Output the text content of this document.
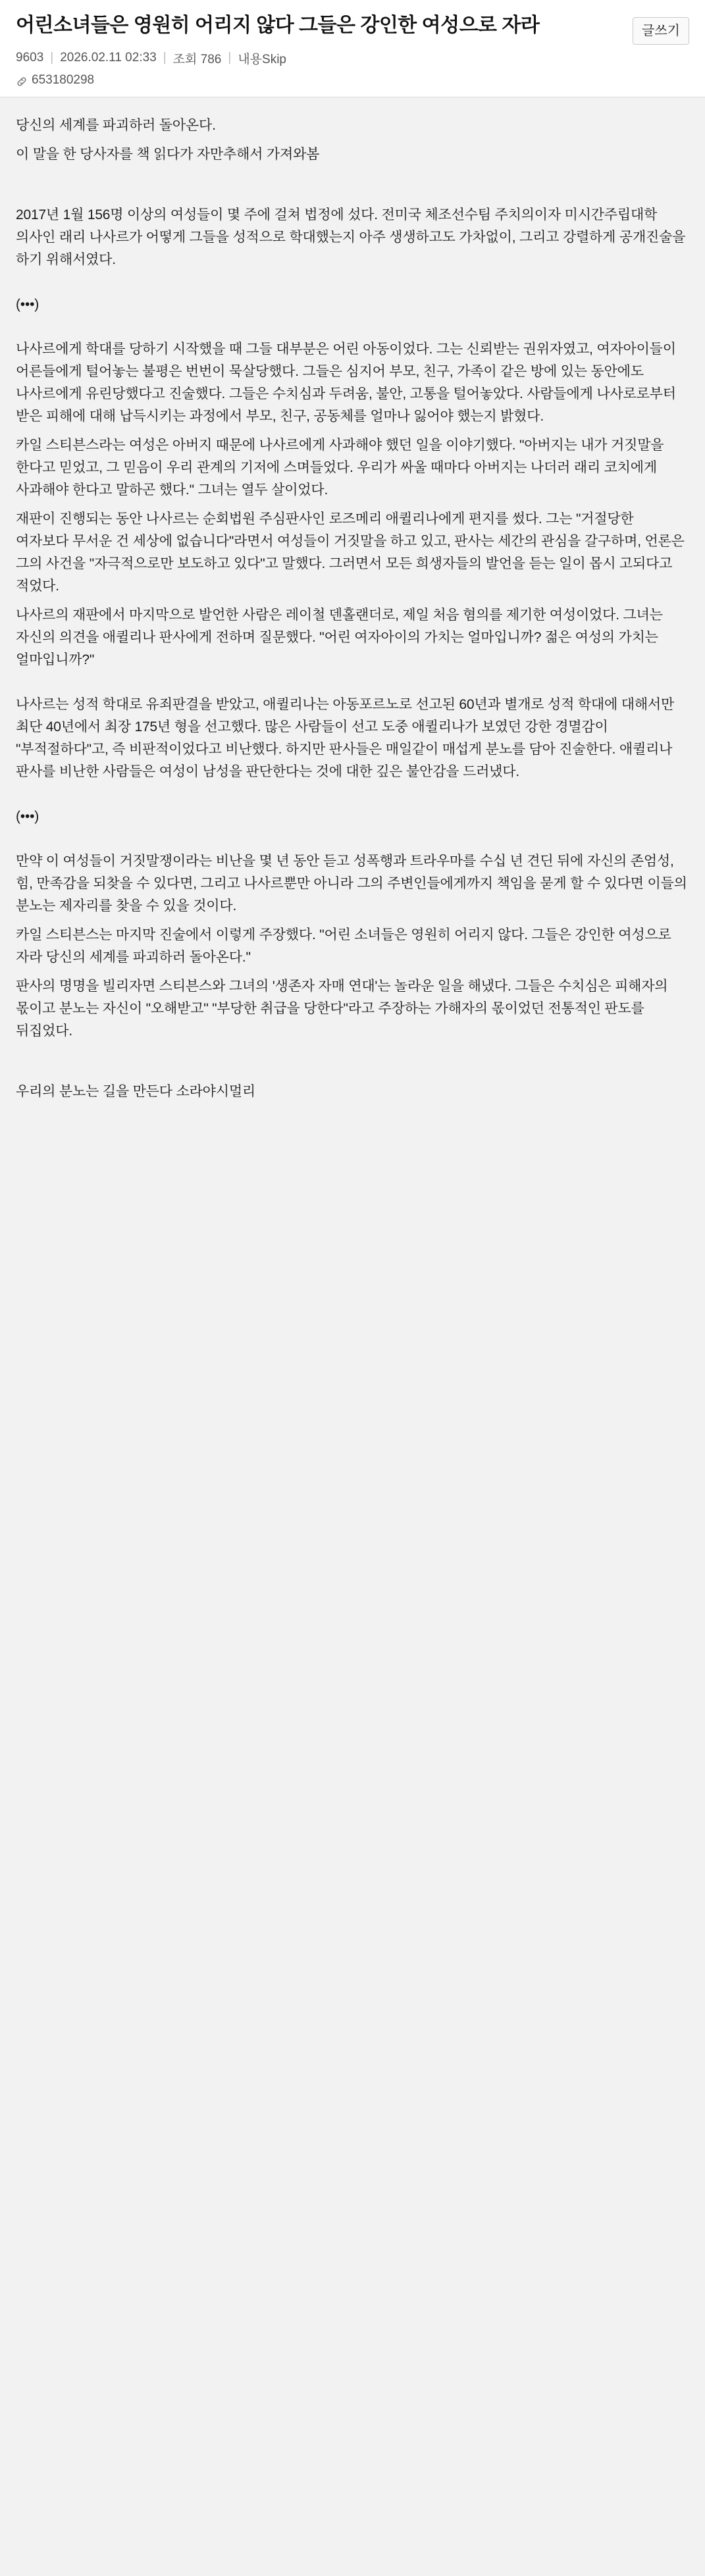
어린소녀들은 영원히 어리지 않다 그들은 강인한 여성으로 자라	글쓰기
9603 | 2026.02.11 02:33 | 조회 786 | 내용Skip
653180298

당신의 세계를 파괴하러 돌아온다.

이 말을 한 당사자를 책 읽다가 자만추해서 가져와봄

2017년 1월 156명 이상의 여성들이 몇 주에 걸쳐 법정에 섰다. 전미국 체조선수팀 주치의이자 미시간주립대학 의사인 래리 나사르가 어떻게 그들을 성적으로 학대했는지 아주 생생하고도 가차없이, 그리고 강렬하게 공개진술을 하기 위해서였다.

(•••)

나사르에게 학대를 당하기 시작했을 때 그들 대부분은 어린 아동이었다. 그는 신뢰받는 권위자였고, 여자아이들이 어른들에게 털어놓는 불평은 번번이 묵살당했다. 그들은 심지어 부모, 친구, 가족이 같은 방에 있는 동안에도 나사르에게 유린당했다고 진술했다. 그들은 수치심과 두려움, 불안, 고통을 털어놓았다. 사람들에게 나사로로부터 받은 피해에 대해 납득시키는 과정에서 부모, 친구, 공동체를 얼마나 잃어야 했는지 밝혔다.

카일 스티븐스라는 여성은 아버지 때문에 나사르에게 사과해야 했던 일을 이야기했다. "아버지는 내가 거짓말을 한다고 믿었고, 그 믿음이 우리 관계의 기저에 스며들었다. 우리가 싸울 때마다 아버지는 나더러 래리 코치에게 사과해야 한다고 말하곤 했다." 그녀는 열두 살이었다.

재판이 진행되는 동안 나사르는 순회법원 주심판사인 로즈메리 애퀼리나에게 편지를 썼다. 그는 "거절당한 여자보다 무서운 건 세상에 없습니다"라면서 여성들이 거짓말을 하고 있고, 판사는 세간의 관심을 갈구하며, 언론은 그의 사건을 "자극적으로만 보도하고 있다"고 말했다. 그러면서 모든 희생자들의 발언을 듣는 일이 몹시 고되다고 적었다.

나사르의 재판에서 마지막으로 발언한 사람은 레이철 덴홀랜더로, 제일 처음 혐의를 제기한 여성이었다. 그녀는 자신의 의견을 애퀼리나 판사에게 전하며 질문했다. "어린 여자아이의 가치는 얼마입니까? 젊은 여성의 가치는 얼마입니까?"

나사르는 성적 학대로 유죄판결을 받았고, 애퀼리나는 아동포르노로 선고된 60년과 별개로 성적 학대에 대해서만 최단 40년에서 최장 175년 형을 선고했다. 많은 사람들이 선고 도중 애퀼리나가 보였던 강한 경멸감이 "부적절하다"고, 즉 비판적이었다고 비난했다. 하지만 판사들은 매일같이 매섭게 분노를 담아 진술한다. 애퀼리나 판사를 비난한 사람들은 여성이 남성을 판단한다는 것에 대한 깊은 불안감을 드러냈다.

(•••)

만약 이 여성들이 거짓말쟁이라는 비난을 몇 년 동안 듣고 성폭행과 트라우마를 수십 년 견딘 뒤에 자신의 존엄성, 힘, 만족감을 되찾을 수 있다면, 그리고 나사르뿐만 아니라 그의 주변인들에게까지 책임을 묻게 할 수 있다면 이들의 분노는 제자리를 찾을 수 있을 것이다.

카일 스티븐스는 마지막 진술에서 이렇게 주장했다. "어린 소녀들은 영원히 어리지 않다. 그들은 강인한 여성으로 자라 당신의 세계를 파괴하러 돌아온다."

판사의 명명을 빌리자면 스티븐스와 그녀의 '생존자 자매 연대'는 놀라운 일을 해냈다. 그들은 수치심은 피해자의 몫이고 분노는 자신이 "오해받고" "부당한 취급을 당한다"라고 주장하는 가해자의 몫이었던 전통적인 판도를 뒤집었다.

우리의 분노는 길을 만든다 소라야시멀리
